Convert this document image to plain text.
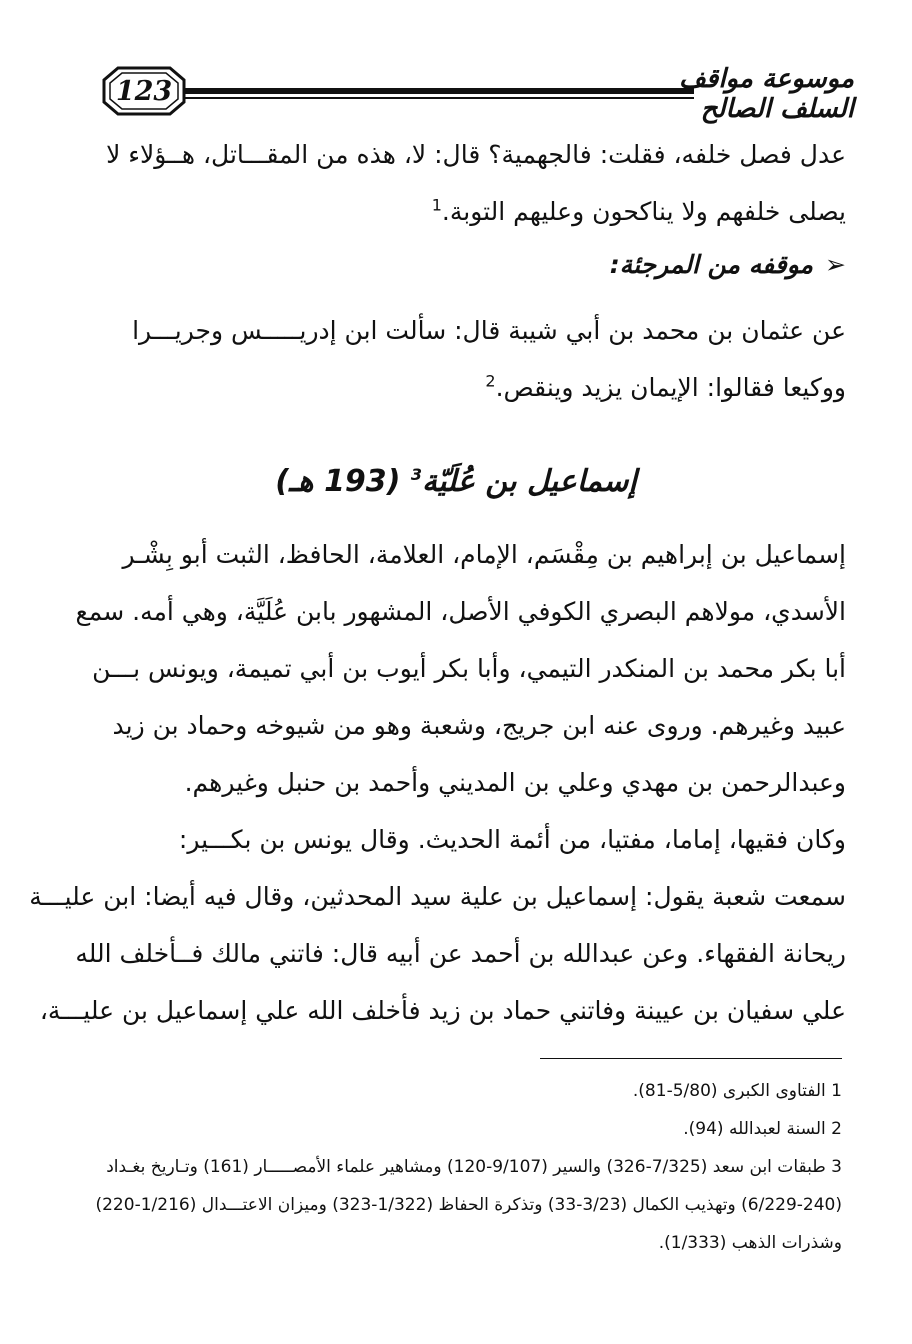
123	موسوعة مواقف السلف الصالح
عدل فصل خلفه، فقلت: فالجهمية؟ قال: لا، هذه من المقـــاتل، هــؤلاء لا
يصلى خلفهم ولا يناكحون وعليهم التوبة.$^1$
➢موقفه من المرجئة:
عن عثمان بن محمد بن أبي شيبة قال: سألت ابن إدريـــــس وجريـــرا
ووكيعا فقالوا: الإيمان يزيد وينقص.$^2$
إسماعيل بن عُلَيّة$^3$ (193 هـ)
إسماعيل بن إبراهيم بن مِقْسَم، الإمام، العلامة، الحافظ، الثبت أبو بِشْـر
الأسدي، مولاهم البصري الكوفي الأصل، المشهور بابن عُلَيَّة، وهي أمه. سمع
أبا بكر محمد بن المنكدر التيمي، وأبا بكر أيوب بن أبي تميمة، ويونس بـــن
عبيد وغيرهم. وروى عنه ابن جريج، وشعبة وهو من شيوخه وحماد بن زيد
وعبدالرحمن بن مهدي وعلي بن المديني وأحمد بن حنبل وغيرهم.
وكان فقيها، إماما، مفتيا، من أئمة الحديث. وقال يونس بن بكـــير:
سمعت شعبة يقول: إسماعيل بن علية سيد المحدثين، وقال فيه أيضا: ابن عليـــة
ريحانة الفقهاء. وعن عبدالله بن أحمد عن أبيه قال: فاتني مالك فــأخلف الله
علي سفيان بن عيينة وفاتني حماد بن زيد فأخلف الله علي إسماعيل بن عليـــة،
1 الفتاوى الكبرى (5/80-81).
2 السنة لعبدالله (94).
3 طبقات ابن سعد (7/325-326) والسير (9/107-120) ومشاهير علماء الأمصـــــار (161) وتـاريخ بغـداد
(6/229-240) وتهذيب الكمال (3/23-33) وتذكرة الحفاظ (1/322-323) وميزان الاعتـــدال (1/216-220)
وشذرات الذهب (1/333).
